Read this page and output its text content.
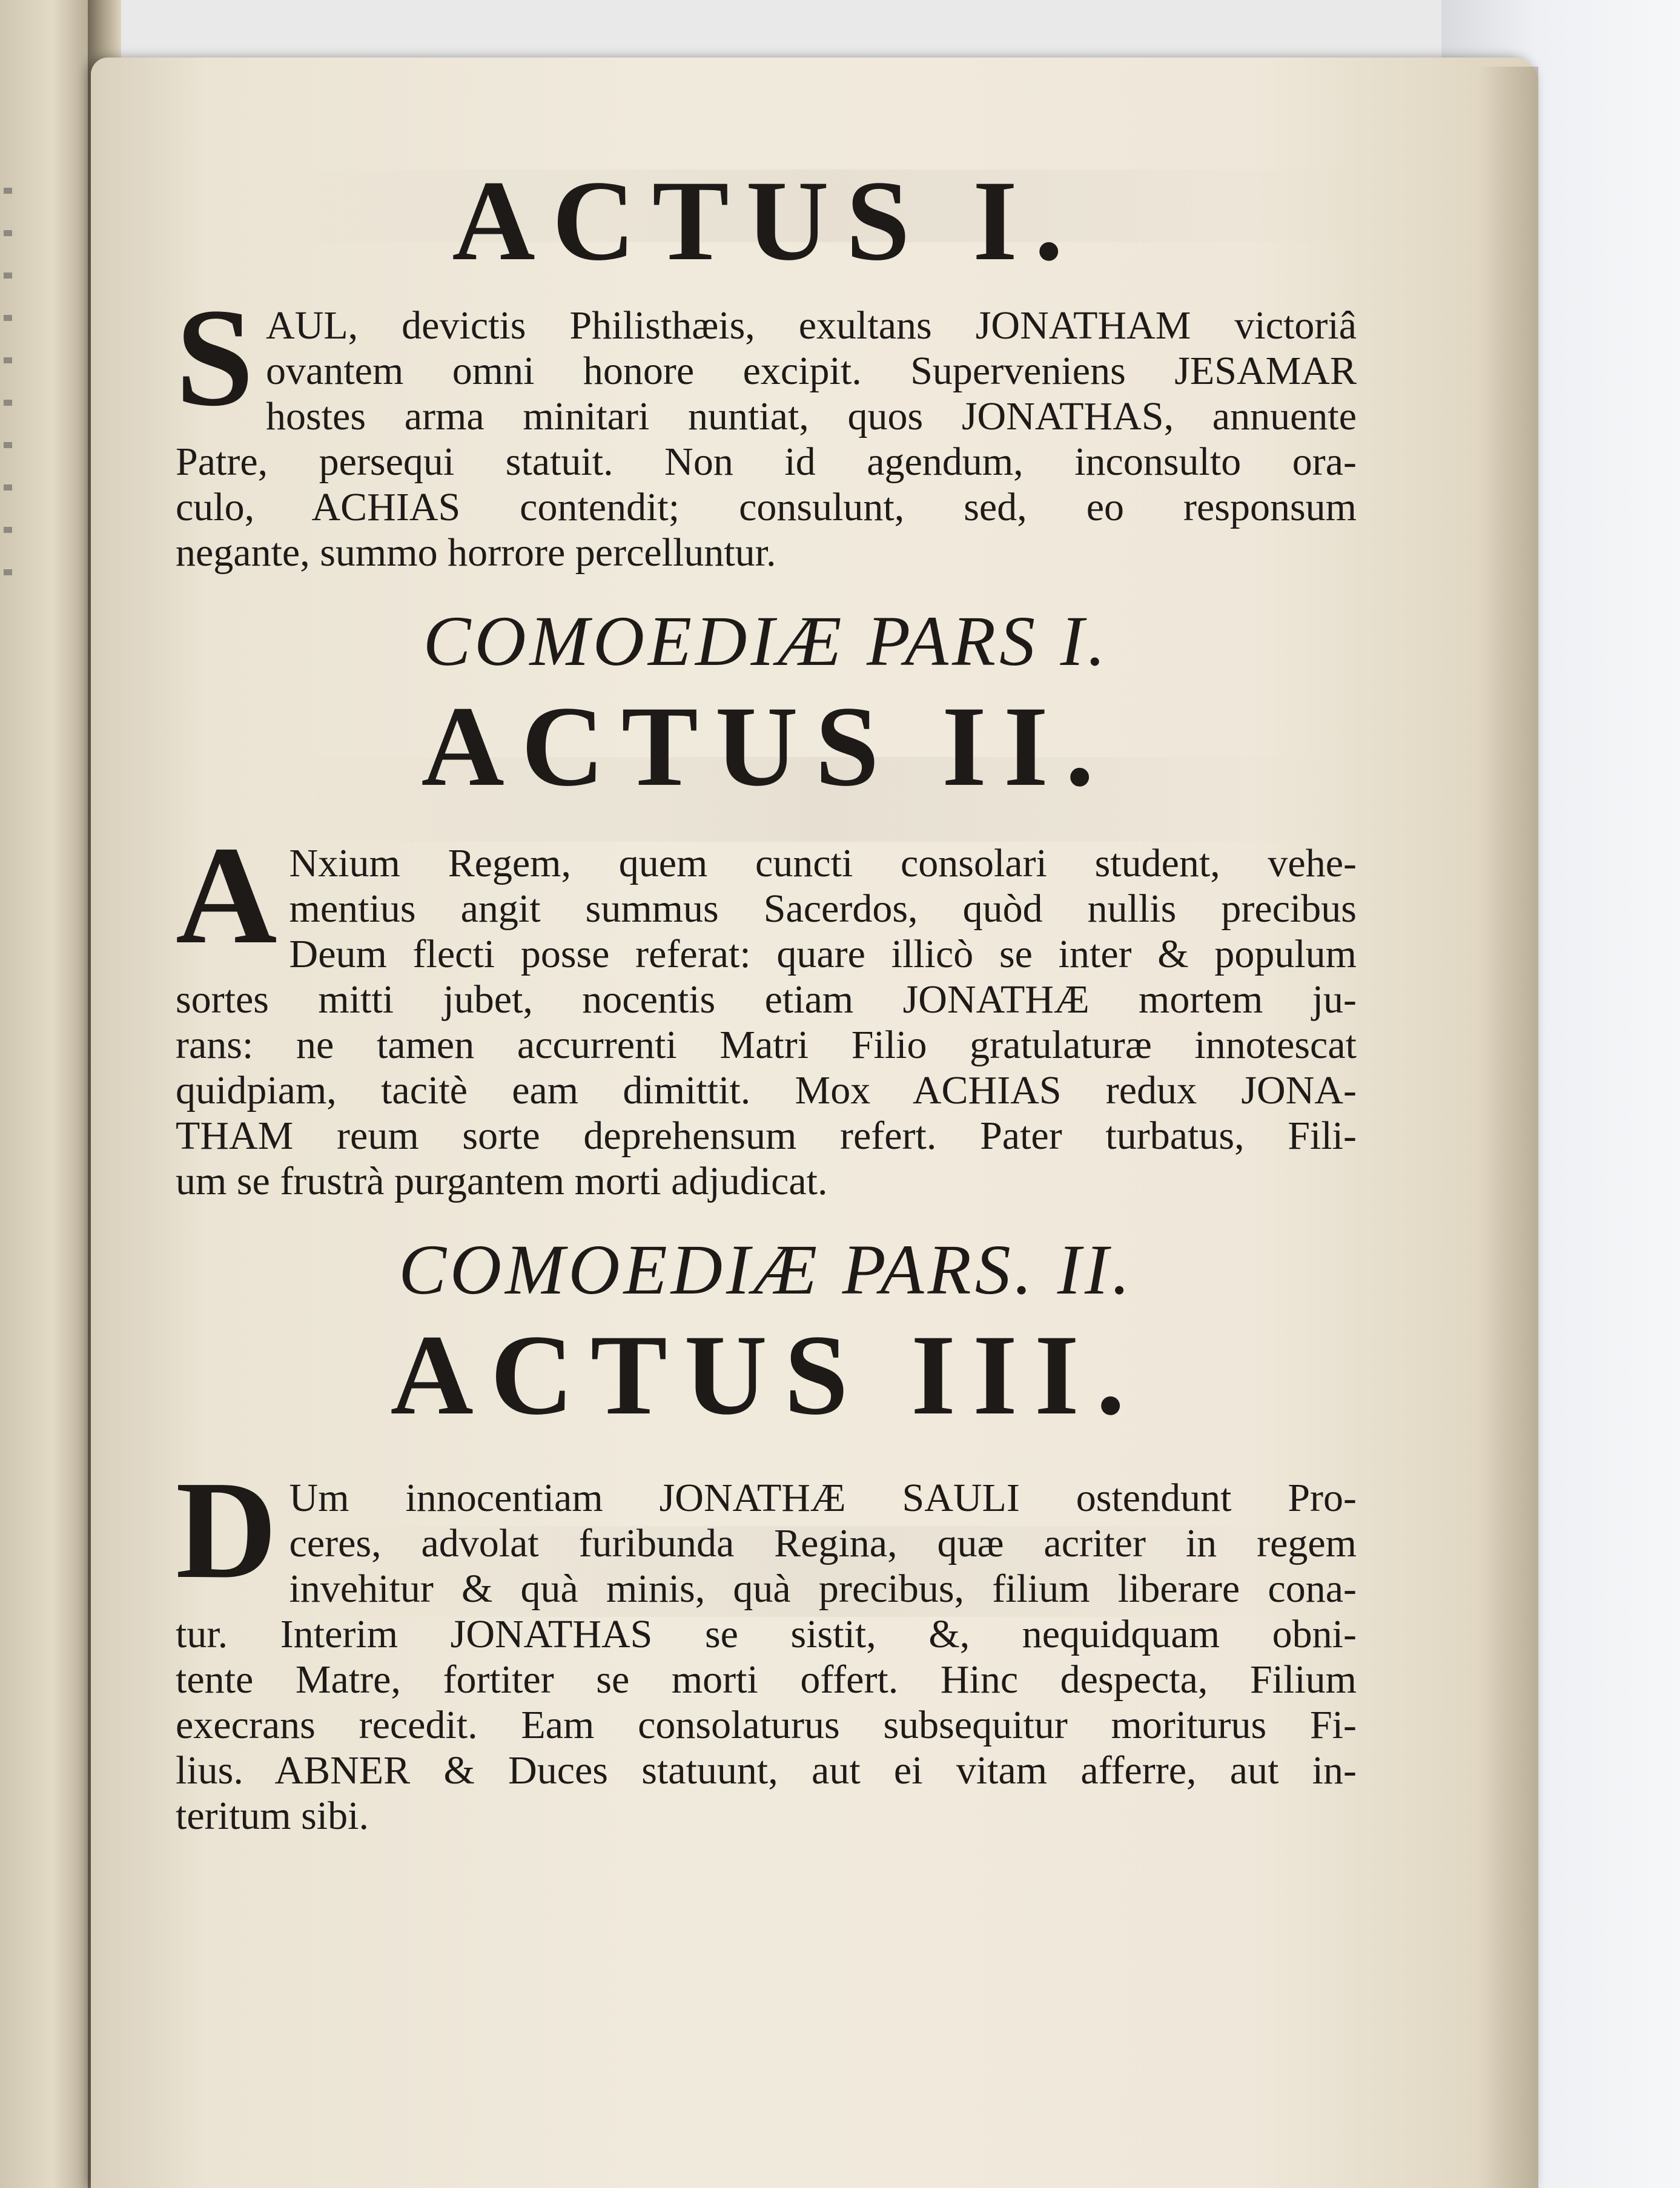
ACTUS I.
S AUL, devictis Philisthæis, exultans JONATHAM victoriâ
ovantem omni honore excipit. Superveniens JESAMAR
hostes arma minitari nuntiat, quos JONATHAS, annuente
Patre, persequi statuit. Non id agendum, inconsulto ora-
culo, ACHIAS contendit; consulunt, sed, eo responsum
negante, summo horrore percelluntur.
COMOEDIÆ PARS I.
ACTUS II.
A Nxium Regem, quem cuncti consolari student, vehe-
mentius angit summus Sacerdos, quòd nullis precibus
Deum flecti posse referat: quare illicò se inter & populum
sortes mitti jubet, nocentis etiam JONATHÆ mortem ju-
rans: ne tamen accurrenti Matri Filio gratulaturæ innotescat
quidpiam, tacitè eam dimittit. Mox ACHIAS redux JONA-
THAM reum sorte deprehensum refert. Pater turbatus, Fili-
um se frustrà purgantem morti adjudicat.
COMOEDIÆ PARS. II.
ACTUS III.
D Um innocentiam JONATHÆ SAULI ostendunt Pro-
ceres, advolat furibunda Regina, quæ acriter in regem
invehitur & quà minis, quà precibus, filium liberare cona-
tur. Interim JONATHAS se sistit, &, nequidquam obni-
tente Matre, fortiter se morti offert. Hinc despecta, Filium
execrans recedit. Eam consolaturus subsequitur moriturus Fi-
lius. ABNER & Duces statuunt, aut ei vitam afferre, aut in-
teritum sibi.
